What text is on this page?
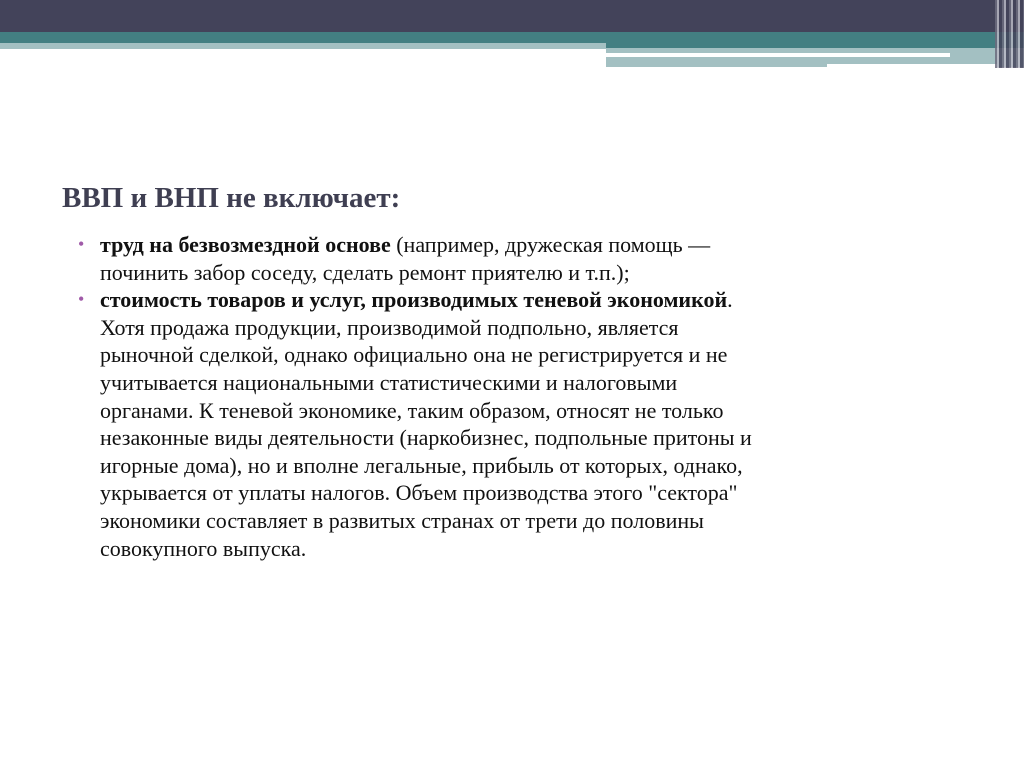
ВВП и ВНП не включает:
• труд на безвозмездной основе (например, дружеская помощь —
починить забор соседу, сделать ремонт приятелю и т.п.);
• стоимость товаров и услуг, производимых теневой экономикой.
Хотя продажа продукции, производимой подпольно, является
рыночной сделкой, однако официально она не регистрируется и не
учитывается национальными статистическими и налоговыми
органами. К теневой экономике, таким образом, относят не только
незаконные виды деятельности (наркобизнес, подпольные притоны и
игорные дома), но и вполне легальные, прибыль от которых, однако,
укрывается от уплаты налогов. Объем производства этого "сектора"
экономики составляет в развитых странах от трети до половины
совокупного выпуска.
